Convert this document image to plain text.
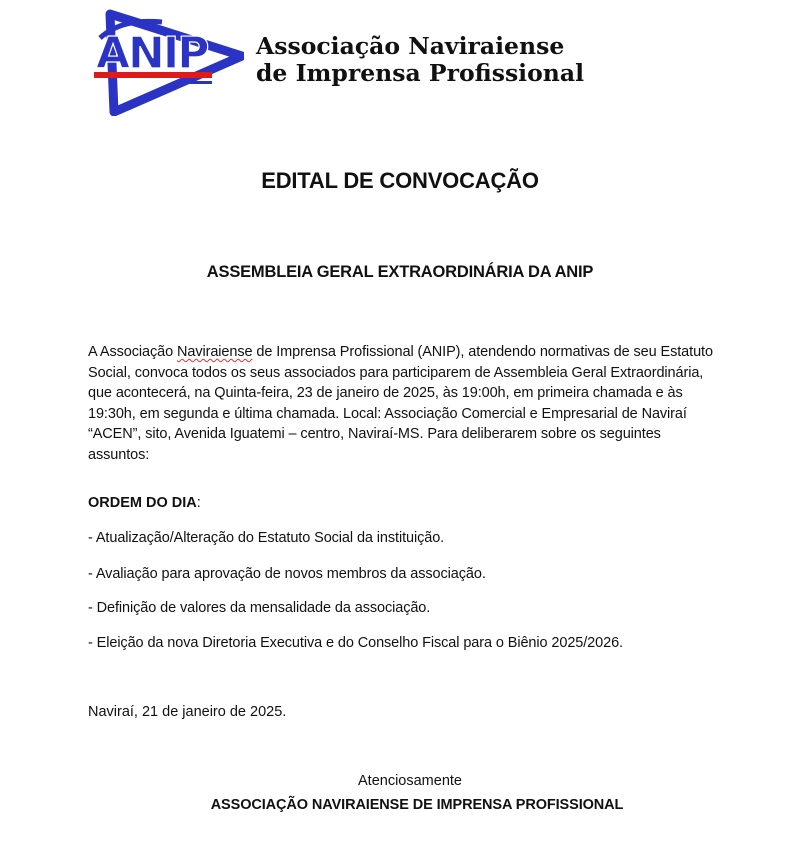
ANIP Associação Naviraiense
de Imprensa Profissional
EDITAL DE CONVOCAÇÃO
ASSEMBLEIA GERAL EXTRAORDINÁRIA DA ANIP
A Associação Naviraiense de Imprensa Profissional (ANIP), atendendo normativas de seu Estatuto Social, convoca todos os seus associados para participarem de Assembleia Geral Extraordinária, que acontecerá, na Quinta-feira, 23 de janeiro de 2025, às 19:00h, em primeira chamada e às 19:30h, em segunda e última chamada. Local: Associação Comercial e Empresarial de Naviraí “ACEN”, sito, Avenida Iguatemi – centro, Naviraí-MS. Para deliberarem sobre os seguintes assuntos:
ORDEM DO DIA:
- Atualização/Alteração do Estatuto Social da instituição.
- Avaliação para aprovação de novos membros da associação.
- Definição de valores da mensalidade da associação.
- Eleição da nova Diretoria Executiva e do Conselho Fiscal para o Biênio 2025/2026.
Naviraí, 21 de janeiro de 2025.
Atenciosamente
ASSOCIAÇÃO NAVIRAIENSE DE IMPRENSA PROFISSIONAL
